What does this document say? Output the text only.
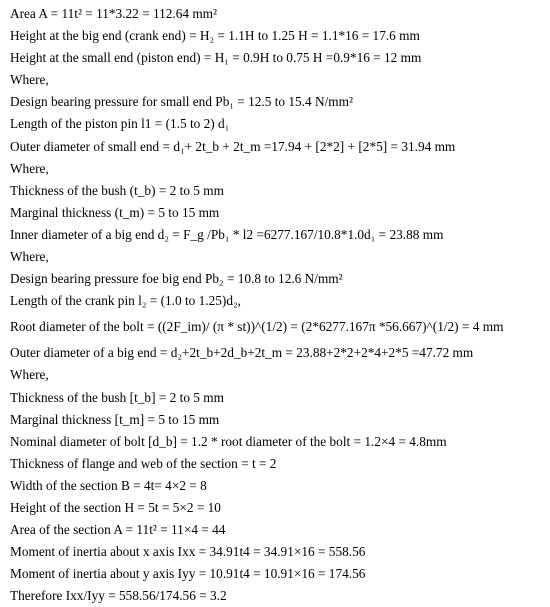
Area A = 11t² = 11*3.22 = 112.64 mm²
Height at the big end (crank end) = H₂ = 1.1H to 1.25 H = 1.1*16 = 17.6 mm
Height at the small end (piston end) = H₁ = 0.9H to 0.75 H =0.9*16 = 12 mm
Where,
Design bearing pressure for small end Pb₁ = 12.5 to 15.4 N/mm²
Length of the piston pin l1 = (1.5 to 2) d₁
Outer diameter of small end = d₁+ 2t_b + 2t_m =17.94 + [2*2] + [2*5] = 31.94 mm
Where,
Thickness of the bush (t_b) = 2 to 5 mm
Marginal thickness (t_m) = 5 to 15 mm
Inner diameter of a big end d₂ = F_g /Pb₁ * l2 =6277.167/10.8*1.0d₁ = 23.88 mm
Where,
Design bearing pressure foe big end Pb₂ = 10.8 to 12.6 N/mm²
Length of the crank pin l₂ = (1.0 to 1.25)d₂,
Root diameter of the bolt = ((2F_im)/ (π * st))^(1/2) = (2*6277.167π *56.667)^(1/2) = 4 mm
Outer diameter of a big end = d₂+2t_b+2d_b+2t_m = 23.88+2*2+2*4+2*5 =47.72 mm
Where,
Thickness of the bush [t_b] = 2 to 5 mm
Marginal thickness [t_m] = 5 to 15 mm
Nominal diameter of bolt [d_b] = 1.2 * root diameter of the bolt = 1.2×4 = 4.8mm
Thickness of flange and web of the section = t = 2
Width of the section B = 4t= 4×2 = 8
Height of the section H = 5t = 5×2 = 10
Area of the section A = 11t² = 11×4 = 44
Moment of inertia about x axis Ixx = 34.91t4 = 34.91×16 = 558.56
Moment of inertia about y axis Iyy = 10.91t4 = 10.91×16 = 174.56
Therefore Ixx/Iyy = 558.56/174.56 = 3.2
